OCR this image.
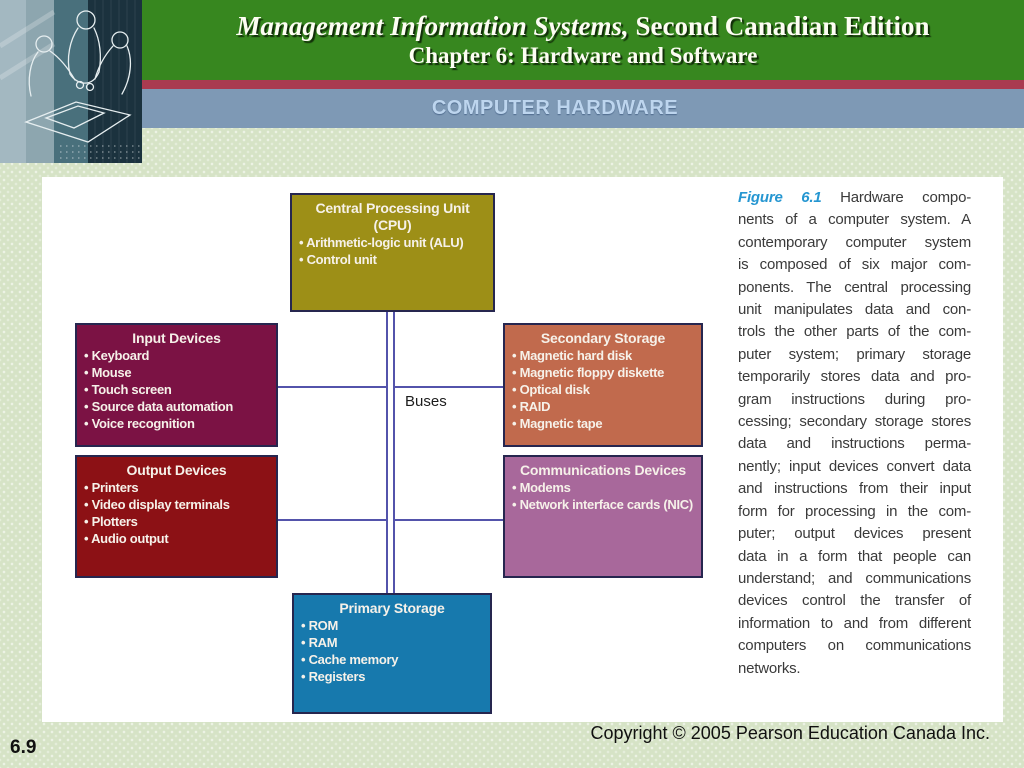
Management Information Systems, Second Canadian Edition
Chapter 6: Hardware and Software
COMPUTER HARDWARE
Buses
Central Processing Unit (CPU)
• Arithmetic-logic unit (ALU)
• Control unit
Input Devices
• Keyboard
• Mouse
• Touch screen
• Source data automation
• Voice recognition
Secondary Storage
• Magnetic hard disk
• Magnetic floppy diskette
• Optical disk
• RAID
• Magnetic tape
Output Devices
• Printers
• Video display terminals
• Plotters
• Audio output
Communications Devices
• Modems
• Network interface cards (NIC)
Primary Storage
• ROM
• RAM
• Cache memory
• Registers
Figure 6.1 Hardware compo-
nents of a computer system. A
contemporary computer system
is composed of six major com-
ponents. The central processing
unit manipulates data and con-
trols the other parts of the com-
puter system; primary storage
temporarily stores data and pro-
gram instructions during pro-
cessing; secondary storage stores
data and instructions perma-
nently; input devices convert data
and instructions from their input
form for processing in the com-
puter; output devices present
data in a form that people can
understand; and communications
devices control the transfer of
information to and from different
computers on communications
networks.
Copyright © 2005 Pearson Education Canada Inc.
6.9
